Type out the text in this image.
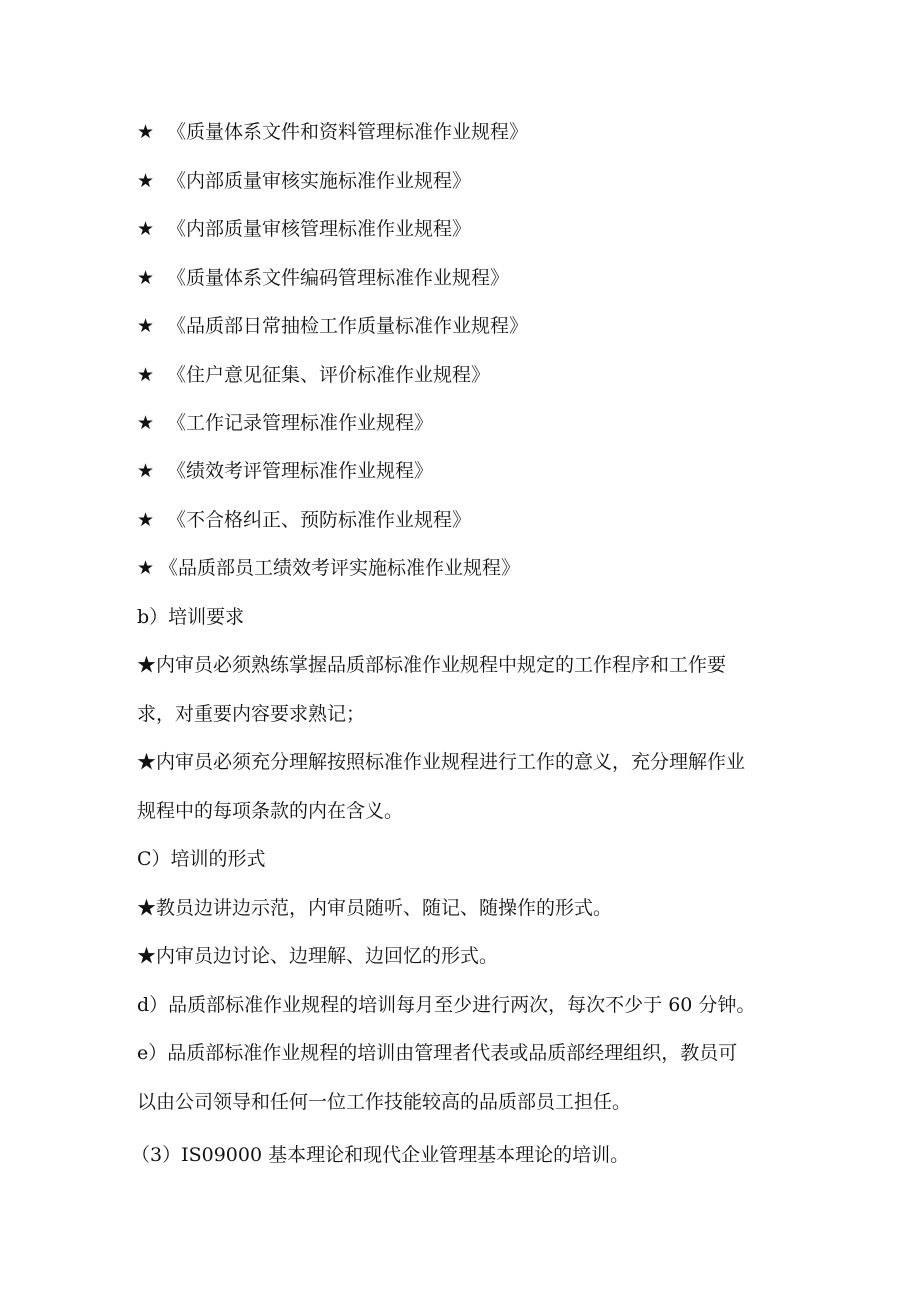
★ 《质量体系文件和资料管理标准作业规程》
★ 《内部质量审核实施标准作业规程》
★ 《内部质量审核管理标准作业规程》
★ 《质量体系文件编码管理标准作业规程》
★ 《品质部日常抽检工作质量标准作业规程》
★ 《住户意见征集、评价标准作业规程》
★ 《工作记录管理标准作业规程》
★ 《绩效考评管理标准作业规程》
★ 《不合格纠正、预防标准作业规程》
★ 《品质部员工绩效考评实施标准作业规程》
b）培训要求
★内审员必须熟练掌握品质部标准作业规程中规定的工作程序和工作要
求，对重要内容要求熟记；
★内审员必须充分理解按照标准作业规程进行工作的意义，充分理解作业
规程中的每项条款的内在含义。
C）培训的形式
★教员边讲边示范，内审员随听、随记、随操作的形式。
★内审员边讨论、边理解、边回忆的形式。
d）品质部标准作业规程的培训每月至少进行两次，每次不少于 60 分钟。
e）品质部标准作业规程的培训由管理者代表或品质部经理组织，教员可
以由公司领导和任何一位工作技能较高的品质部员工担任。
（3）IS09000 基本理论和现代企业管理基本理论的培训。
